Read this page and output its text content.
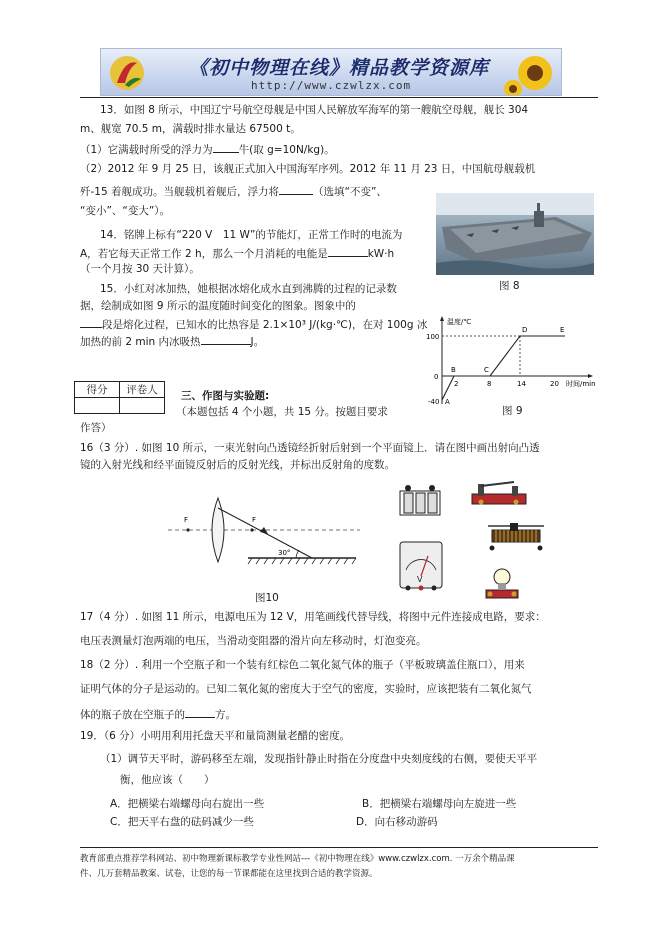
《初中物理在线》精品教学资源库
http://www.czwlzx.com
13．如图 8 所示，中国辽宁号航空母舰是中国人民解放军海军的第一艘航空母舰，舰长 304
m、舰宽 70.5 m，满载时排水量达 67500 t。
（1）它满载时所受的浮力为 牛(取 g=10N/kg)。
（2）2012 年 9 月 25 日，该舰正式加入中国海军序列。2012 年 11 月 23 日，中国航母舰载机
歼-15 着舰成功。当舰载机着舰后，浮力将	（选填“不变”、
“变小”、“变大”）。
图 8
14．铭牌上标有“220 V　11 W”的节能灯，正常工作时的电流为
A，若它每天正常工作 2 h，那么一个月消耗的电能是	kW·h
（一个月按 30 天计算）。
15．小红对冰加热，她根据冰熔化成水直到沸腾的过程的记录数
据，绘制成如图 9 所示的温度随时间变化的图象。图象中的
段是熔化过程，已知水的比热容是 2.1×10³ J/(kg·℃)，在对 100g 冰
加热的前 2 min 内冰吸热	J。
温度/℃
时间/min
100
0
-40
2	8	14	20
A
B	C
D	E
图 9
得分	评卷人
	三、作图与实验题:
（本题包括 4 个小题，共 15 分。按题目要求
作答）
16（3 分）. 如图 10 所示，一束光射向凸透镜经折射后射到一个平面镜上．请在图中画出射向凸透
镜的入射光线和经平面镜反射后的反射光线，并标出反射角的度数。
F	F
30°
图10
V
17（4 分）. 如图 11 所示，电源电压为 12 V，用笔画线代替导线，将图中元件连接成电路，要求：
电压表测量灯泡两端的电压，当滑动变阻器的滑片向左移动时，灯泡变亮。
18（2 分）. 利用一个空瓶子和一个装有红棕色二氧化氮气体的瓶子（平板玻璃盖住瓶口），用来
证明气体的分子是运动的。已知二氧化氮的密度大于空气的密度，实验时，应该把装有二氧化氮气
体的瓶子放在空瓶子的	方。
19．（6 分）小明用利用托盘天平和量筒测量老醋的密度。
（1）调节天平时，游码移至左端，发现指针静止时指在分度盘中央刻度线的右侧，要使天平平
衡，他应该（　　）
A．把横梁右端螺母向右旋出一些	B．把横梁右端螺母向左旋进一些
C．把天平右盘的砝码减少一些	D．向右移动游码
教育部重点推荐学科网站、初中物理新课标教学专业性网站---《初中物理在线》www.czwlzx.com. 一万余个精品课
件、几万套精品教案、试卷，让您的每一节课都能在这里找到合适的教学资源。
